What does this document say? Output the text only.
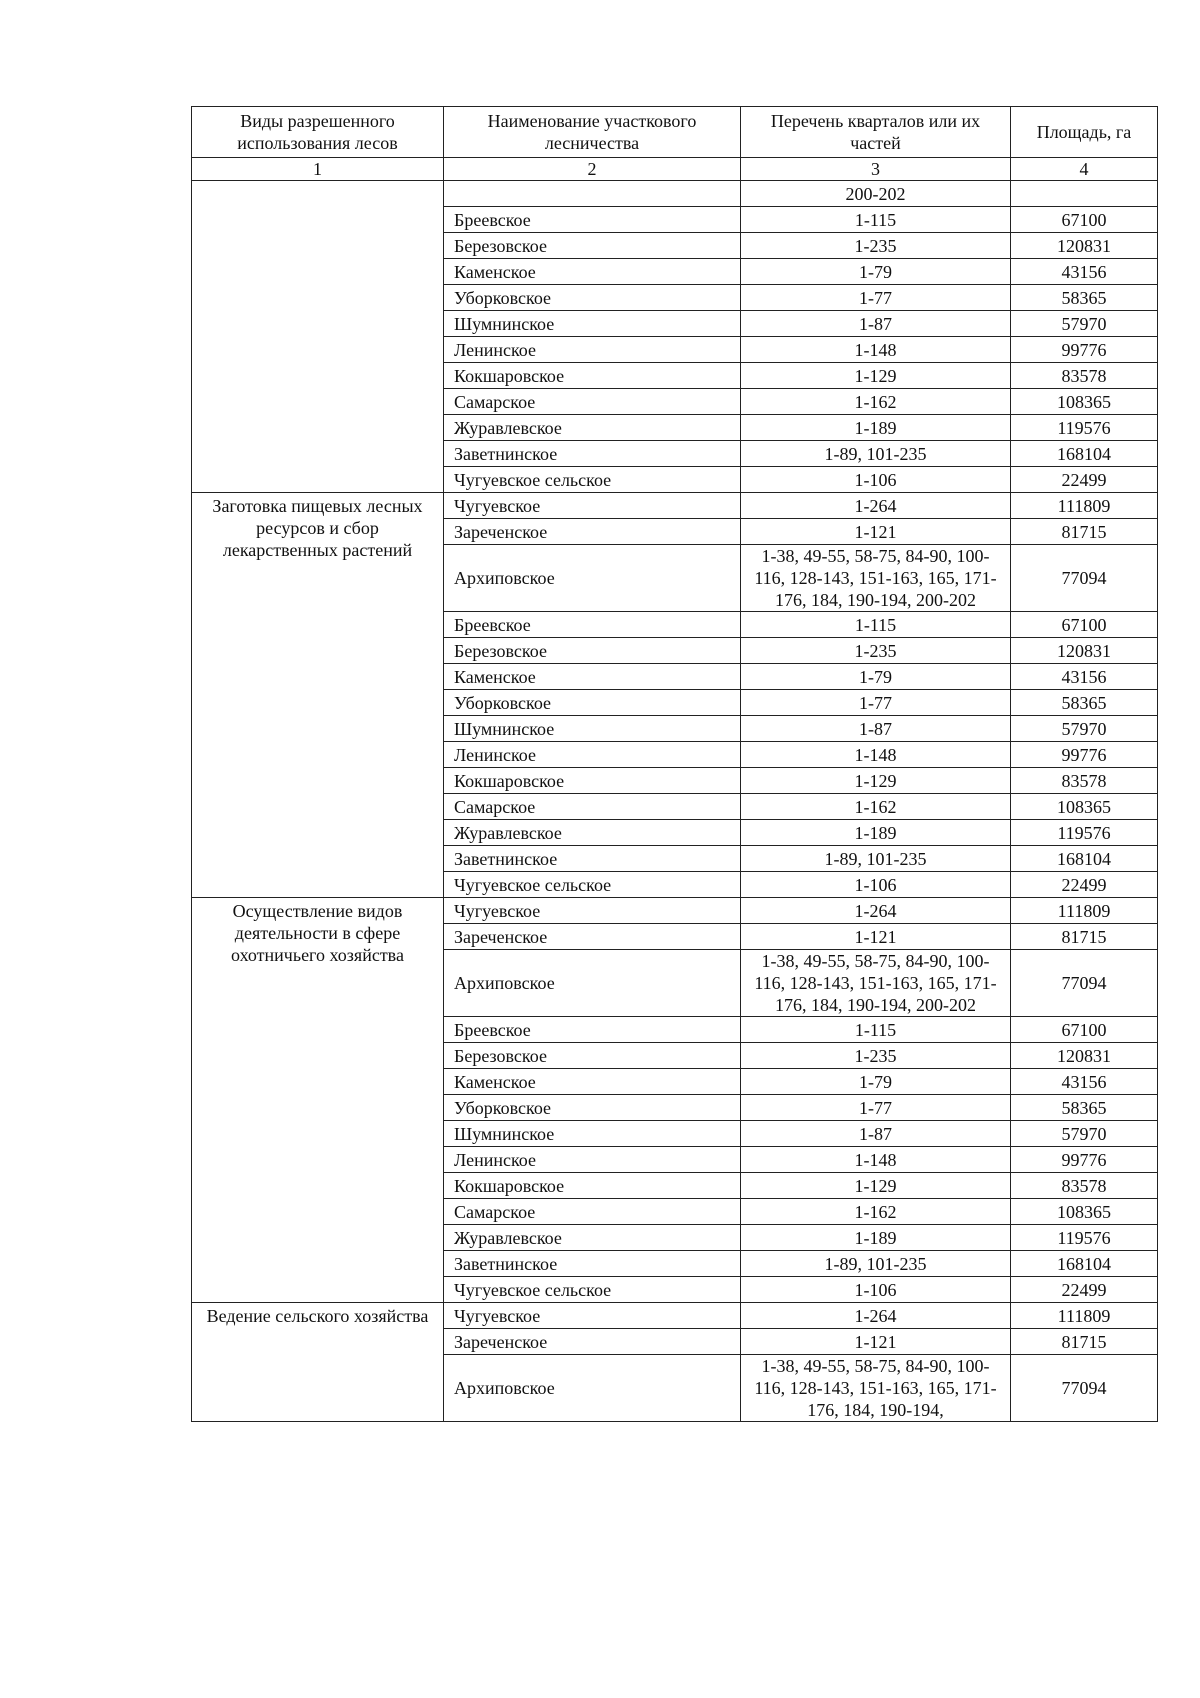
Виды разрешенного использования лесов	Наименование участкового лесничества	Перечень кварталов или их частей	Площадь, га
1	2	3	4
		200-202	
	Бреевское	1-115	67100
	Березовское	1-235	120831
	Каменское	1-79	43156
	Уборковское	1-77	58365
	Шумнинское	1-87	57970
	Ленинское	1-148	99776
	Кокшаровское	1-129	83578
	Самарское	1-162	108365
	Журавлевское	1-189	119576
	Заветнинское	1-89, 101-235	168104
	Чугуевское сельское	1-106	22499
Заготовка пищевых лесных ресурсов и сбор лекарственных растений	Чугуевское	1-264	111809
	Зареченское	1-121	81715
	Архиповское	1-38, 49-55, 58-75, 84-90, 100-116, 128-143, 151-163, 165, 171-176, 184, 190-194, 200-202	77094
	Бреевское	1-115	67100
	Березовское	1-235	120831
	Каменское	1-79	43156
	Уборковское	1-77	58365
	Шумнинское	1-87	57970
	Ленинское	1-148	99776
	Кокшаровское	1-129	83578
	Самарское	1-162	108365
	Журавлевское	1-189	119576
	Заветнинское	1-89, 101-235	168104
	Чугуевское сельское	1-106	22499
Осуществление видов деятельности в сфере охотничьего хозяйства	Чугуевское	1-264	111809
	Зареченское	1-121	81715
	Архиповское	1-38, 49-55, 58-75, 84-90, 100-116, 128-143, 151-163, 165, 171-176, 184, 190-194, 200-202	77094
	Бреевское	1-115	67100
	Березовское	1-235	120831
	Каменское	1-79	43156
	Уборковское	1-77	58365
	Шумнинское	1-87	57970
	Ленинское	1-148	99776
	Кокшаровское	1-129	83578
	Самарское	1-162	108365
	Журавлевское	1-189	119576
	Заветнинское	1-89, 101-235	168104
	Чугуевское сельское	1-106	22499
Ведение сельского хозяйства	Чугуевское	1-264	111809
	Зареченское	1-121	81715
	Архиповское	1-38, 49-55, 58-75, 84-90, 100-116, 128-143, 151-163, 165, 171-176, 184, 190-194,	77094
